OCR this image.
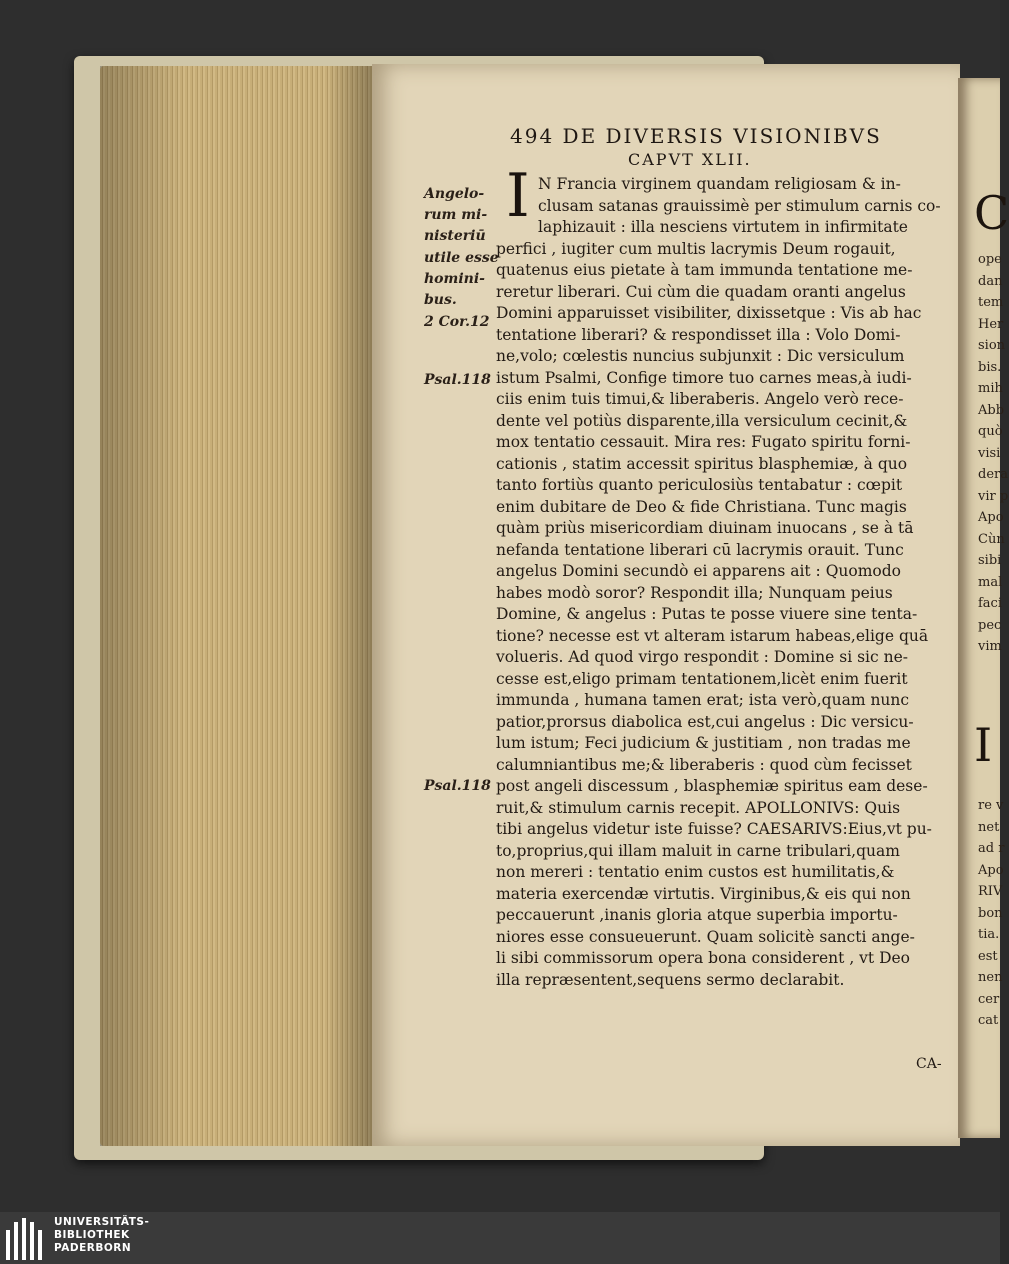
494 DE DIVERSIS VISIONIBVS
CAPVT XLII.
I
Angelo-
rum mi-
nisteriū
utile esse
homini-
bus.
2 Cor.12
Psal.118
Psal.118
N Francia virginem quandam religiosam & in-
clusam satanas grauissimè per stimulum carnis co-
laphizauit : illa nesciens virtutem in infirmitate
perfici , iugiter cum multis lacrymis Deum rogauit,
quatenus eius pietate à tam immunda tentatione me-
reretur liberari. Cui cùm die quadam oranti angelus
Domini apparuisset visibiliter, dixissetque : Vis ab hac
tentatione liberari? & respondisset illa : Volo Domi-
ne,volo; cœlestis nuncius subjunxit : Dic versiculum
istum Psalmi, Confige timore tuo carnes meas,à iudi-
ciis enim tuis timui,& liberaberis. Angelo verò rece-
dente vel potiùs disparente,illa versiculum cecinit,&
mox tentatio cessauit. Mira res: Fugato spiritu forni-
cationis , statim accessit spiritus blasphemiæ, à quo
tanto fortiùs quanto periculosiùs tentabatur : cœpit
enim dubitare de Deo & fide Christiana. Tunc magis
quàm priùs misericordiam diuinam inuocans , se à tā
nefanda tentatione liberari cū lacrymis orauit. Tunc
angelus Domini secundò ei apparens ait : Quomodo
habes modò soror? Respondit illa; Nunquam peius
Domine, & angelus : Putas te posse viuere sine tenta-
tione? necesse est vt alteram istarum habeas,elige quā
volueris. Ad quod virgo respondit : Domine si sic ne-
cesse est,eligo primam tentationem,licèt enim fuerit
immunda , humana tamen erat; ista verò,quam nunc
patior,prorsus diabolica est,cui angelus : Dic versicu-
lum istum; Feci judicium & justitiam , non tradas me
calumniantibus me;& liberaberis : quod cùm fecisset
post angeli discessum , blasphemiæ spiritus eam dese-
ruit,& stimulum carnis recepit. APOLLONIVS: Quis
tibi angelus videtur iste fuisse? CAESARIVS:Eius,vt pu-
to,proprius,qui illam maluit in carne tribulari,quam
non mereri : tentatio enim custos est humilitatis,&
materia exercendæ virtutis. Virginibus,& eis qui non
peccauerunt ,inanis gloria atque superbia importu-
niores esse consueuerunt. Quam solicitè sancti ange-
li sibi commissorum opera bona considerent , vt Deo
illa repræsentent,sequens sermo declarabit.
CA-
C
ope
dan
tem
Her
sion
bis.
mih
Abb
quò
visi
dera
vir p
Apo
Cùn
sibi
mal
faci
pec
vim
I
re v
net
ad r
Apo
RIV
bon
tia.
est
nen
cer
cat
UNIVERSITÄTS-
BIBLIOTHEK
PADERBORN
